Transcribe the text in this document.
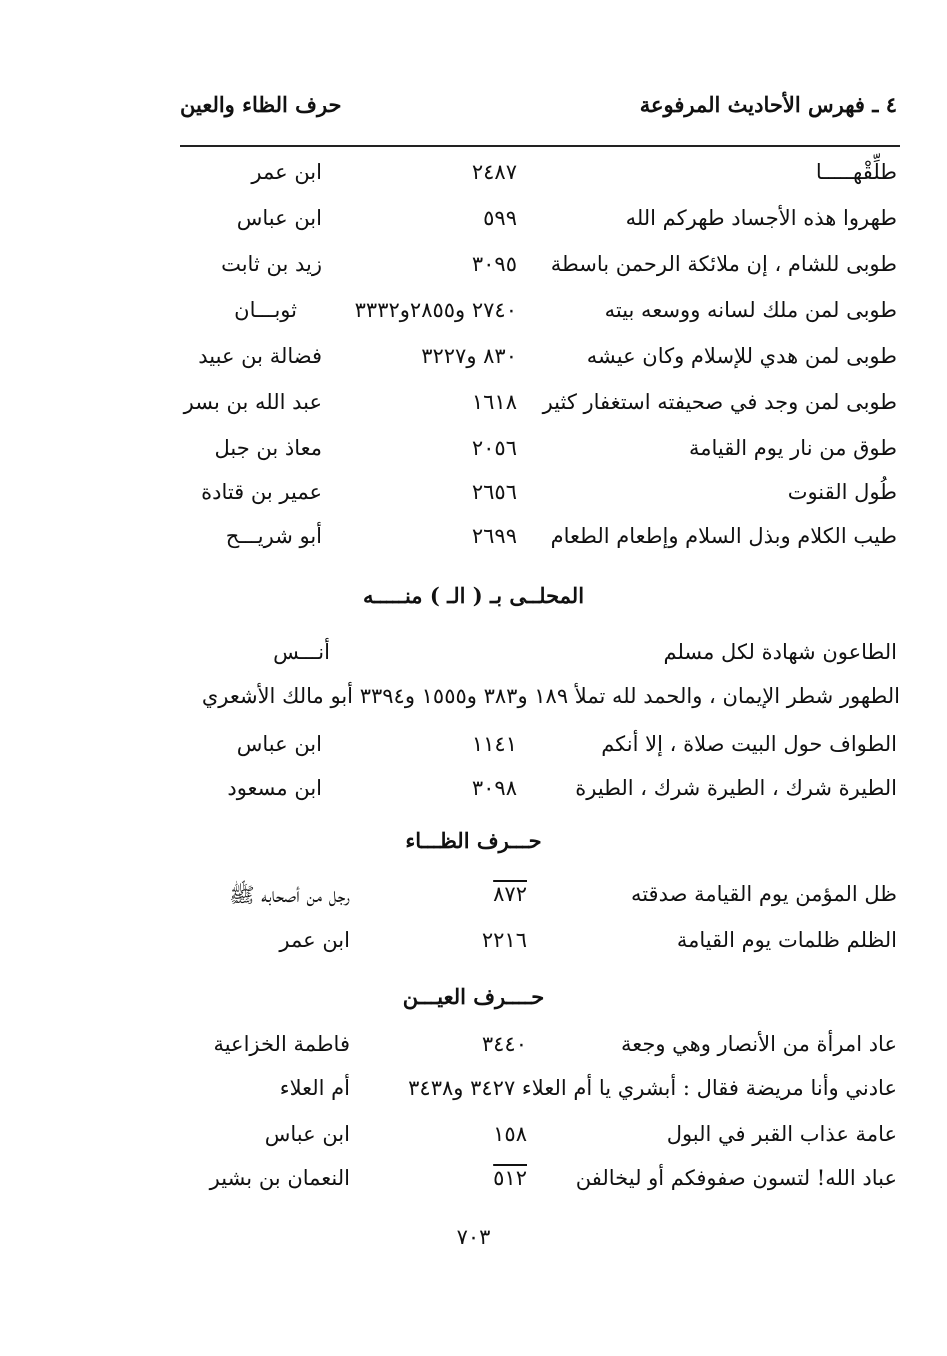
٤ ـ فهرس الأحاديث المرفوعة
حرف الظاء والعين
طلِّقْهـــــا
٢٤٨٧
ابن عمر
طهروا هذه الأجساد طهركم الله
٥٩٩
ابن عباس
طوبى للشام ، إن ملائكة الرحمن باسطة
٣٠٩٥
زيد بن ثابت
طوبى لمن ملك لسانه ووسعه بيته
٢٧٤٠ و٢٨٥٥و٣٣٣٢
ثوبـــان
طوبى لمن هدي للإسلام وكان عيشه
٨٣٠ و٣٢٢٧
فضالة بن عبيد
طوبى لمن وجد في صحيفته استغفار كثير
١٦١٨
عبد الله بن بسر
طوق من نار يوم القيامة
٢٠٥٦
معاذ بن جبل
طُول القنوت
٢٦٥٦
عمير بن قتادة
طيب الكلام وبذل السلام وإطعام الطعام
٢٦٩٩
أبو شريـــح
المحلــى بـ ( الـ ) منـــــه
الطاعون شهادة لكل مسلم
أنـــس
الطهور شطر الإيمان ، والحمد لله تملأ ١٨٩ و٣٨٣ و١٥٥٥ و٣٣٩٤ أبو مالك الأشعري
الطواف حول البيت صلاة ، إلا أنكم
١١٤١
ابن عباس
الطيرة شرك ، الطيرة شرك ، الطيرة
٣٠٩٨
ابن مسعود
حـــرف الظـــاء
ظل المؤمن يوم القيامة صدقته
٨٧٢
رجل من أصحابه ﷺ
الظلم ظلمات يوم القيامة
٢٢١٦
ابن عمر
حــــرف العيـــن
عاد امرأة من الأنصار وهي وجعة
٣٤٤٠
فاطمة الخزاعية
عادني وأنا مريضة فقال : أبشري يا أم العلاء ٣٤٢٧ و٣٤٣٨
أم العلاء
عامة عذاب القبر في البول
١٥٨
ابن عباس
عباد الله! لتسون صفوفكم أو ليخالفن
٥١٢
النعمان بن بشير
٧٠٣
